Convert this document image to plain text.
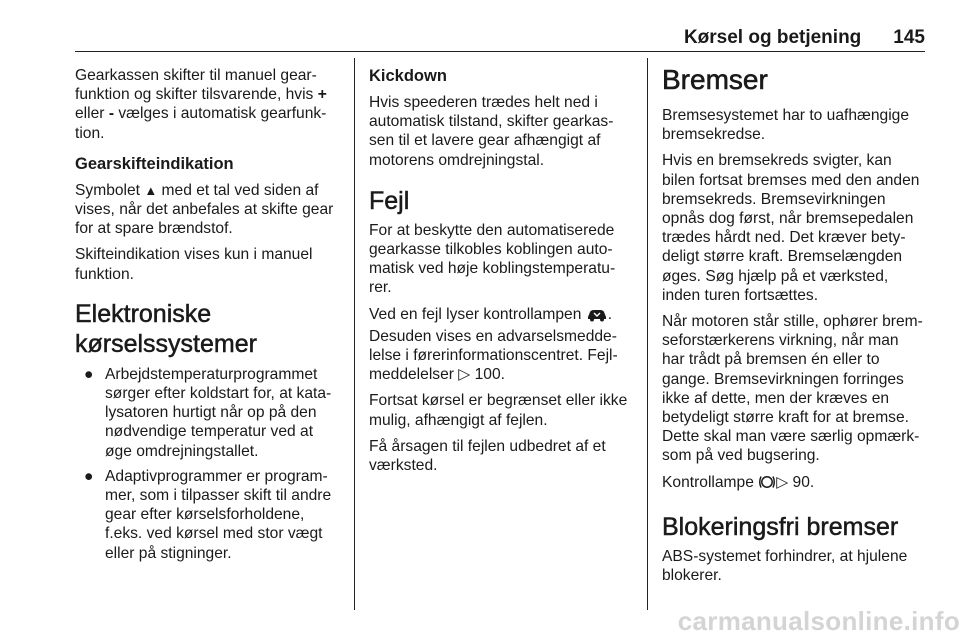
Kørsel og betjening 145

Gearkassen skifter til manuel gear-
funktion og skifter tilsvarende, hvis +
eller - vælges i automatisk gearfunk-
tion.

Gearskifteindikation

Symbolet ▲ med et tal ved siden af
vises, når det anbefales at skifte gear
for at spare brændstof.

Skifteindikation vises kun i manuel
funktion.

Elektroniske
kørselssystemer
● Arbejdstemperaturprogrammet
sørger efter koldstart for, at kata-
lysatoren hurtigt når op på den
nødvendige temperatur ved at
øge omdrejningstallet.
● Adaptivprogrammer er program-
mer, som i tilpasser skift til andre
gear efter kørselsforholdene,
f.eks. ved kørsel med stor vægt
eller på stigninger.
Kickdown

Hvis speederen trædes helt ned i
automatisk tilstand, skifter gearkas-
sen til et lavere gear afhængigt af
motorens omdrejningstal.

Fejl

For at beskytte den automatiserede
gearkasse tilkobles koblingen auto-
matisk ved høje koblingstemperatu-
rer.

Ved en fejl lyser kontrollampen .
Desuden vises en advarselsmedde-
lelse i førerinformationscentret. Fejl-
meddelelser ▷ 100.

Fortsat kørsel er begrænset eller ikke
mulig, afhængigt af fejlen.

Få årsagen til fejlen udbedret af et
værksted.

Bremser

Bremsesystemet har to uafhængige
bremsekredse.

Hvis en bremsekreds svigter, kan
bilen fortsat bremses med den anden
bremsekreds. Bremsevirkningen
opnås dog først, når bremsepedalen
trædes hårdt ned. Det kræver bety-
deligt større kraft. Bremselængden
øges. Søg hjælp på et værksted,
inden turen fortsættes.

Når motoren står stille, ophører brem-
seforstærkerens virkning, når man
har trådt på bremsen én eller to
gange. Bremsevirkningen forringes
ikke af dette, men der kræves en
betydeligt større kraft for at bremse.
Dette skal man være særlig opmærk-
som på ved bugsering.

Kontrollampe ▷ 90.

Blokeringsfri bremser

ABS-systemet forhindrer, at hjulene
blokerer.

carmanualsonline.info
